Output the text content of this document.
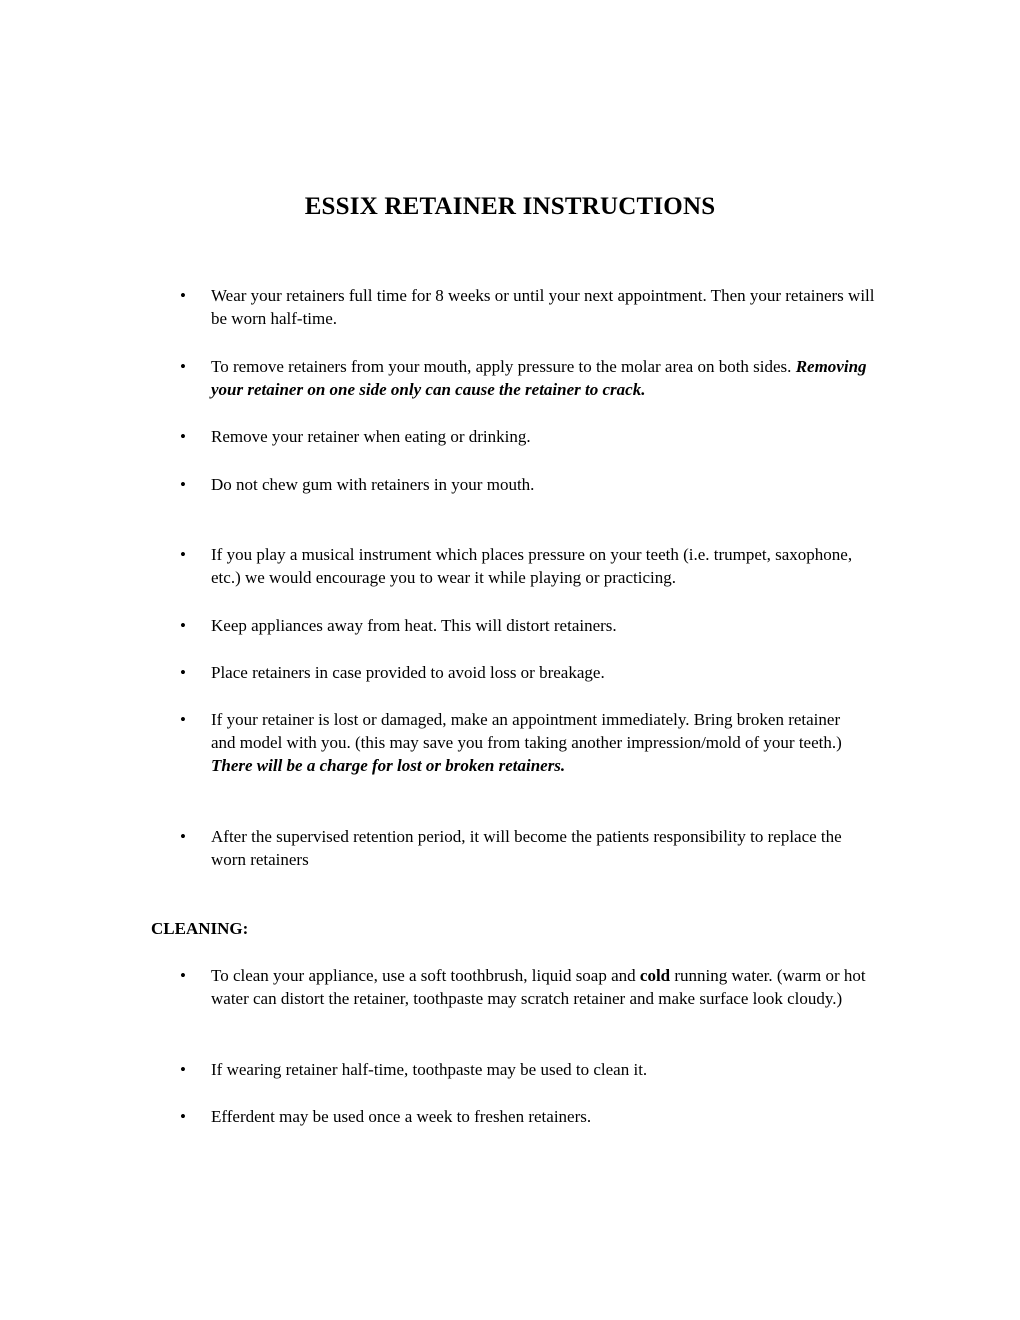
ESSIX RETAINER INSTRUCTIONS
• Wear your retainers full time for 8 weeks or until your next appointment. Then your retainers will be worn half-time.
• To remove retainers from your mouth, apply pressure to the molar area on both sides. Removing your retainer on one side only can cause the retainer to crack.
• Remove your retainer when eating or drinking.
• Do not chew gum with retainers in your mouth.
• If you play a musical instrument which places pressure on your teeth (i.e. trumpet, saxophone, etc.) we would encourage you to wear it while playing or practicing.
• Keep appliances away from heat. This will distort retainers.
• Place retainers in case provided to avoid loss or breakage.
• If your retainer is lost or damaged, make an appointment immediately. Bring broken retainer and model with you. (this may save you from taking another impression/mold of your teeth.) There will be a charge for lost or broken retainers.
• After the supervised retention period, it will become the patients responsibility to replace the worn retainers
CLEANING:
• To clean your appliance, use a soft toothbrush, liquid soap and cold running water. (warm or hot water can distort the retainer, toothpaste may scratch retainer and make surface look cloudy.)
• If wearing retainer half-time, toothpaste may be used to clean it.
• Efferdent may be used once a week to freshen retainers.
